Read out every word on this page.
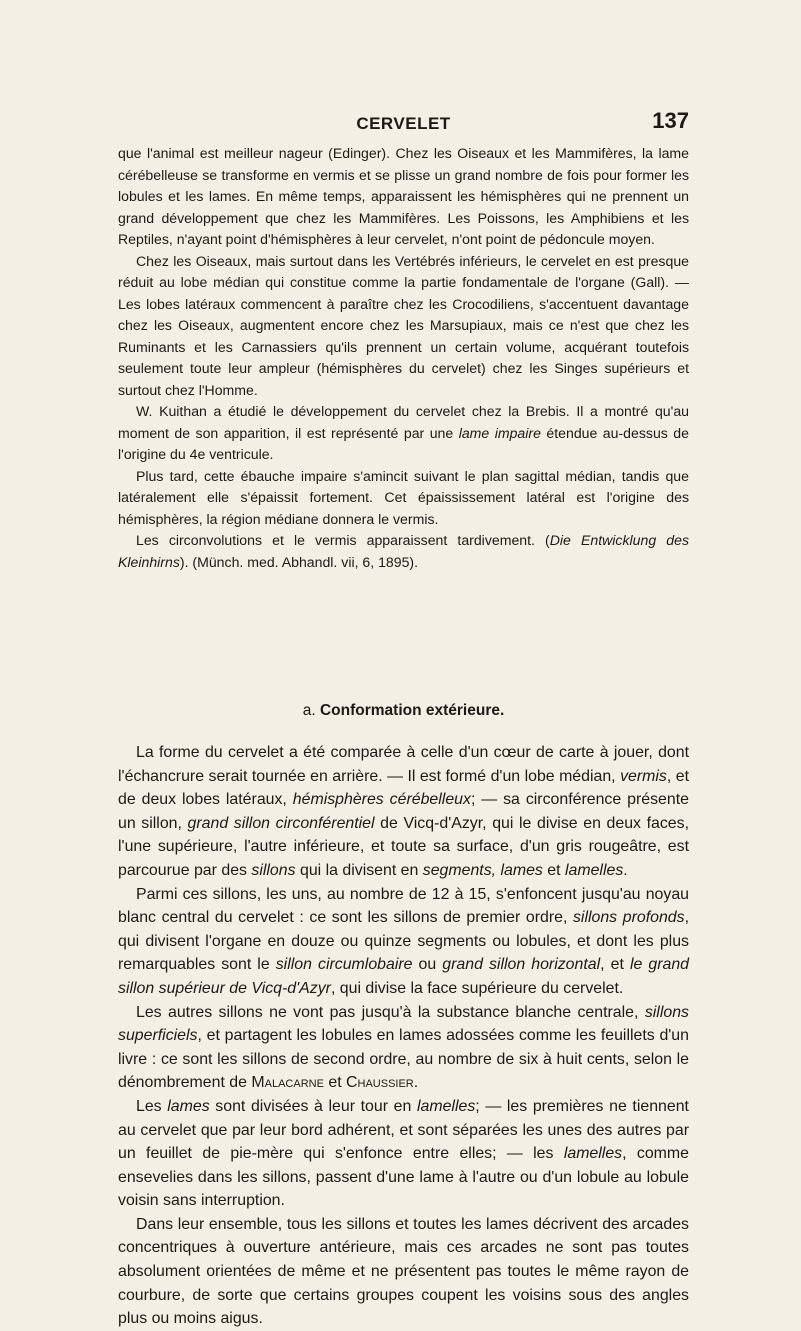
CERVELET	137

que l'animal est meilleur nageur (Edinger). Chez les Oiseaux et les Mammifères, la lame cérébelleuse se transforme en vermis et se plisse un grand nombre de fois pour former les lobules et les lames. En même temps, apparaissent les hémisphères qui ne prennent un grand développement que chez les Mammifères. Les Poissons, les Amphibiens et les Reptiles, n'ayant point d'hémisphères à leur cervelet, n'ont point de pédoncule moyen.

Chez les Oiseaux, mais surtout dans les Vertébrés inférieurs, le cervelet en est presque réduit au lobe médian qui constitue comme la partie fondamentale de l'organe (Gall). — Les lobes latéraux commencent à paraître chez les Crocodiliens, s'accentuent davantage chez les Oiseaux, augmentent encore chez les Marsupiaux, mais ce n'est que chez les Ruminants et les Carnassiers qu'ils prennent un certain volume, acquérant toutefois seulement toute leur ampleur (hémisphères du cervelet) chez les Singes supérieurs et surtout chez l'Homme.

W. Kuithan a étudié le développement du cervelet chez la Brebis. Il a montré qu'au moment de son apparition, il est représenté par une lame impaire étendue au-dessus de l'origine du 4e ventricule.

Plus tard, cette ébauche impaire s'amincit suivant le plan sagittal médian, tandis que latéralement elle s'épaissit fortement. Cet épaississement latéral est l'origine des hémisphères, la région médiane donnera le vermis.

Les circonvolutions et le vermis apparaissent tardivement. (Die Entwicklung des Kleinhirns). (Münch. med. Abhandl. vii, 6, 1895).

a. Conformation extérieure.

La forme du cervelet a été comparée à celle d'un cœur de carte à jouer, dont l'échancrure serait tournée en arrière. — Il est formé d'un lobe médian, vermis, et de deux lobes latéraux, hémisphères cérébelleux; — sa circonférence présente un sillon, grand sillon circonférentiel de Vicq-d'Azyr, qui le divise en deux faces, l'une supérieure, l'autre inférieure, et toute sa surface, d'un gris rougeâtre, est parcourue par des sillons qui la divisent en segments, lames et lamelles.

Parmi ces sillons, les uns, au nombre de 12 à 15, s'enfoncent jusqu'au noyau blanc central du cervelet : ce sont les sillons de premier ordre, sillons profonds, qui divisent l'organe en douze ou quinze segments ou lobules, et dont les plus remarquables sont le sillon circumlobaire ou grand sillon horizontal, et le grand sillon supérieur de Vicq-d'Azyr, qui divise la face supérieure du cervelet.

Les autres sillons ne vont pas jusqu'à la substance blanche centrale, sillons superficiels, et partagent les lobules en lames adossées comme les feuillets d'un livre : ce sont les sillons de second ordre, au nombre de six à huit cents, selon le dénombrement de Malacarne et Chaussier.

Les lames sont divisées à leur tour en lamelles; — les premières ne tiennent au cervelet que par leur bord adhérent, et sont séparées les unes des autres par un feuillet de pie-mère qui s'enfonce entre elles; — les lamelles, comme ensevelies dans les sillons, passent d'une lame à l'autre ou d'un lobule au lobule voisin sans interruption.

Dans leur ensemble, tous les sillons et toutes les lames décrivent des arcades concentriques à ouverture antérieure, mais ces arcades ne sont pas toutes absolument orientées de même et ne présentent pas toutes le même rayon de courbure, de sorte que certains groupes coupent les voisins sous des angles plus ou moins aigus.
